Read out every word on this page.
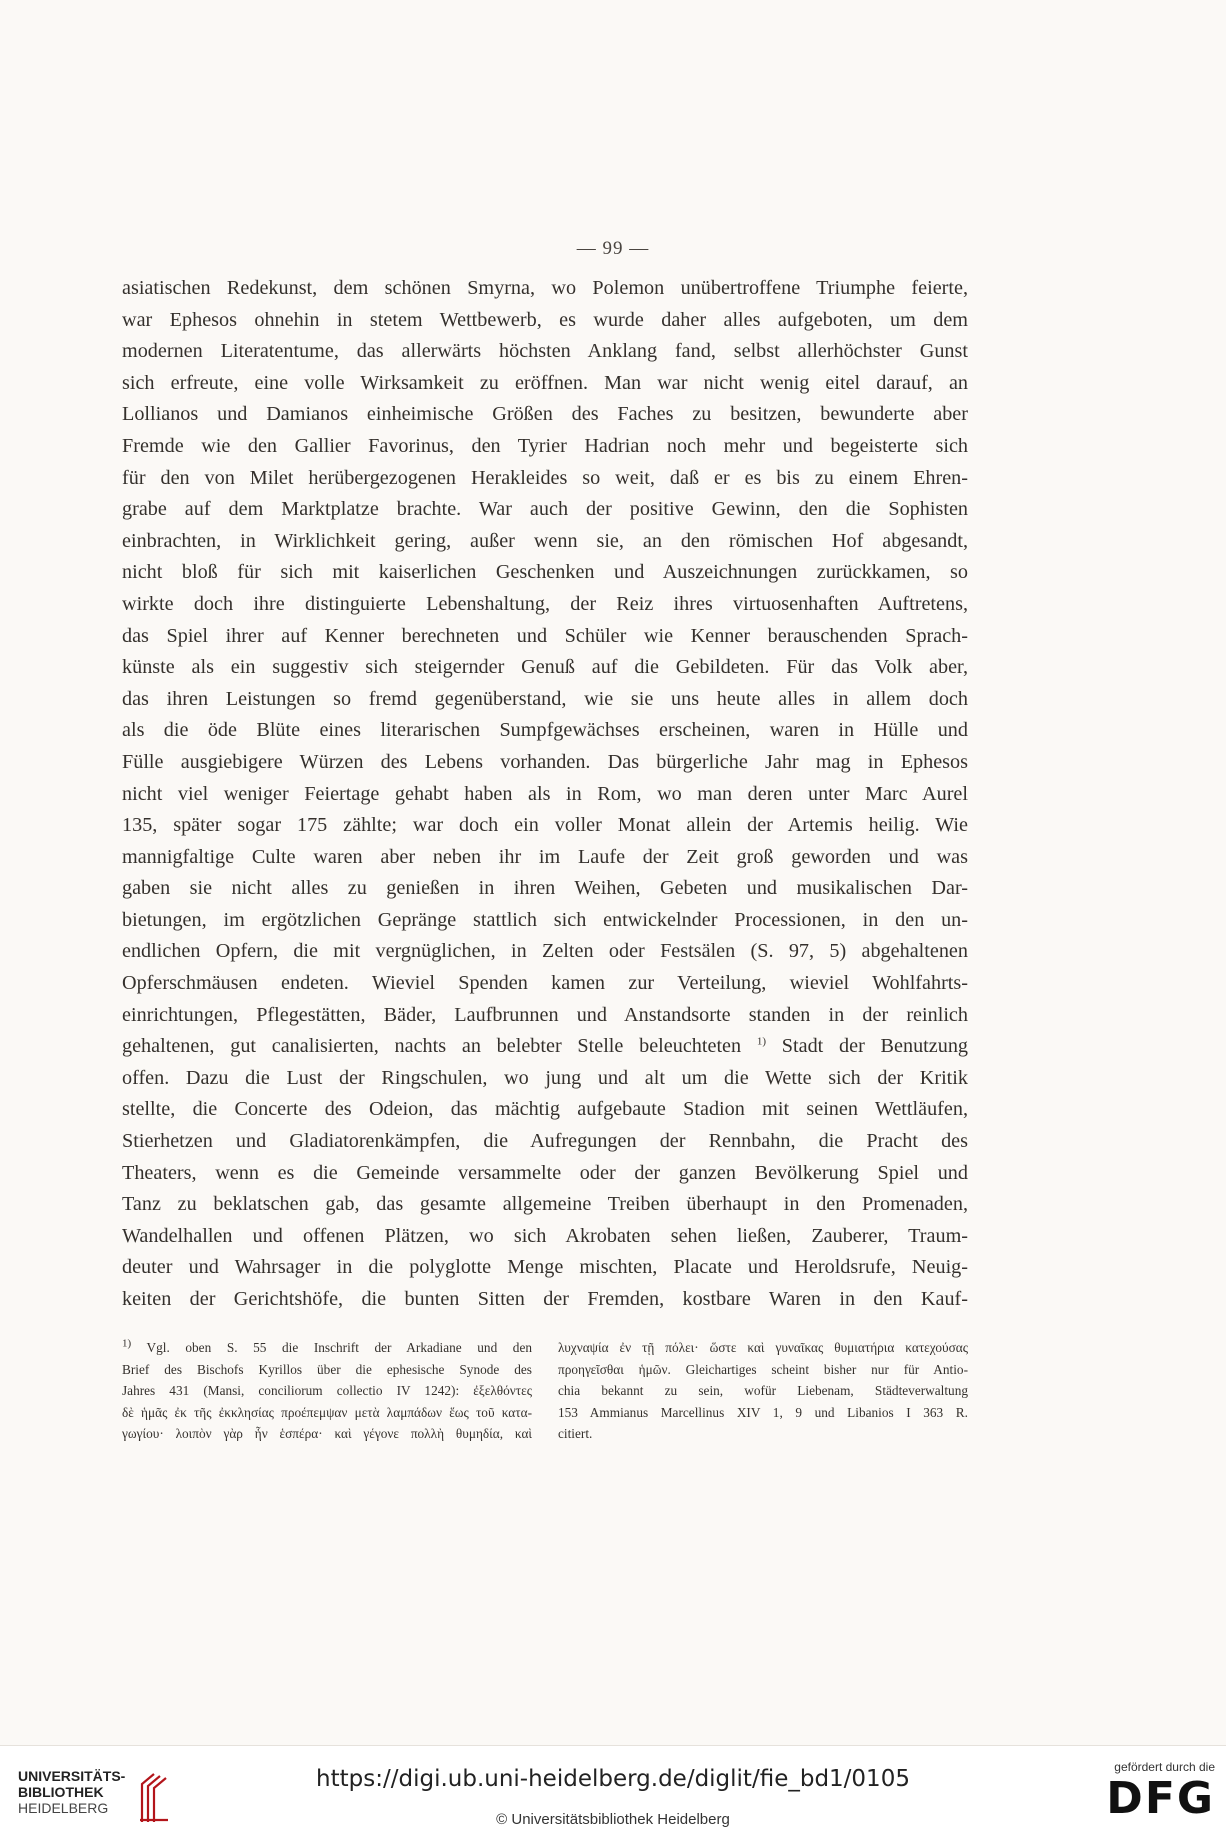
— 99 —
asiatischen Redekunst, dem schönen Smyrna, wo Polemon unübertroffene Triumphe feierte,
war Ephesos ohnehin in stetem Wettbewerb, es wurde daher alles aufgeboten, um dem
modernen Literatentume, das allerwärts höchsten Anklang fand, selbst allerhöchster Gunst
sich erfreute, eine volle Wirksamkeit zu eröffnen. Man war nicht wenig eitel darauf, an
Lollianos und Damianos einheimische Größen des Faches zu besitzen, bewunderte aber
Fremde wie den Gallier Favorinus, den Tyrier Hadrian noch mehr und begeisterte sich
für den von Milet herübergezogenen Herakleides so weit, daß er es bis zu einem Ehren-
grabe auf dem Marktplatze brachte. War auch der positive Gewinn, den die Sophisten
einbrachten, in Wirklichkeit gering, außer wenn sie, an den römischen Hof abgesandt,
nicht bloß für sich mit kaiserlichen Geschenken und Auszeichnungen zurückkamen, so
wirkte doch ihre distinguierte Lebenshaltung, der Reiz ihres virtuosenhaften Auftretens,
das Spiel ihrer auf Kenner berechneten und Schüler wie Kenner berauschenden Sprach-
künste als ein suggestiv sich steigernder Genuß auf die Gebildeten. Für das Volk aber,
das ihren Leistungen so fremd gegenüberstand, wie sie uns heute alles in allem doch
als die öde Blüte eines literarischen Sumpfgewächses erscheinen, waren in Hülle und
Fülle ausgiebigere Würzen des Lebens vorhanden. Das bürgerliche Jahr mag in Ephesos
nicht viel weniger Feiertage gehabt haben als in Rom, wo man deren unter Marc Aurel
135, später sogar 175 zählte; war doch ein voller Monat allein der Artemis heilig. Wie
mannigfaltige Culte waren aber neben ihr im Laufe der Zeit groß geworden und was
gaben sie nicht alles zu genießen in ihren Weihen, Gebeten und musikalischen Dar-
bietungen, im ergötzlichen Gepränge stattlich sich entwickelnder Processionen, in den un-
endlichen Opfern, die mit vergnüglichen, in Zelten oder Festsälen (S. 97, 5) abgehaltenen
Opferschmäusen endeten. Wieviel Spenden kamen zur Verteilung, wieviel Wohlfahrts-
einrichtungen, Pflegestätten, Bäder, Laufbrunnen und Anstandsorte standen in der reinlich
gehaltenen, gut canalisierten, nachts an belebter Stelle beleuchteten $^{1)}$ Stadt der Benutzung
offen. Dazu die Lust der Ringschulen, wo jung und alt um die Wette sich der Kritik
stellte, die Concerte des Odeion, das mächtig aufgebaute Stadion mit seinen Wettläufen,
Stierhetzen und Gladiatorenkämpfen, die Aufregungen der Rennbahn, die Pracht des
Theaters, wenn es die Gemeinde versammelte oder der ganzen Bevölkerung Spiel und
Tanz zu beklatschen gab, das gesamte allgemeine Treiben überhaupt in den Promenaden,
Wandelhallen und offenen Plätzen, wo sich Akrobaten sehen ließen, Zauberer, Traum-
deuter und Wahrsager in die polyglotte Menge mischten, Placate und Heroldsrufe, Neuig-
keiten der Gerichtshöfe, die bunten Sitten der Fremden, kostbare Waren in den Kauf-
$^{1)}$ Vgl. oben S. 55 die Inschrift der Arkadiane und den
Brief des Bischofs Kyrillos über die ephesische Synode des
Jahres 431 (Mansi, conciliorum collectio IV 1242): ἐξελθόντες
δὲ ἡμᾶς ἐκ τῆς ἐκκλησίας προέπεμψαν μετὰ λαμπάδων ἕως τοῦ κατα-
γωγίου· λοιπὸν γὰρ ἦν ἑσπέρα· καὶ γέγονε πολλὴ θυμηδία, καὶ
λυχναψία ἐν τῇ πόλει· ὥστε καὶ γυναῖκας θυμιατήρια κατεχούσας
προηγεῖσθαι ἡμῶν. Gleichartiges scheint bisher nur für Antio-
chia bekannt zu sein, wofür Liebenam, Städteverwaltung
153 Ammianus Marcellinus XIV 1, 9 und Libanios I 363 R.
citiert.
UNIVERSITÄTS-
BIBLIOTHEK
HEIDELBERG
https://digi.ub.uni-heidelberg.de/diglit/fie_bd1/0105
© Universitätsbibliothek Heidelberg
gefördert durch die
DFG
